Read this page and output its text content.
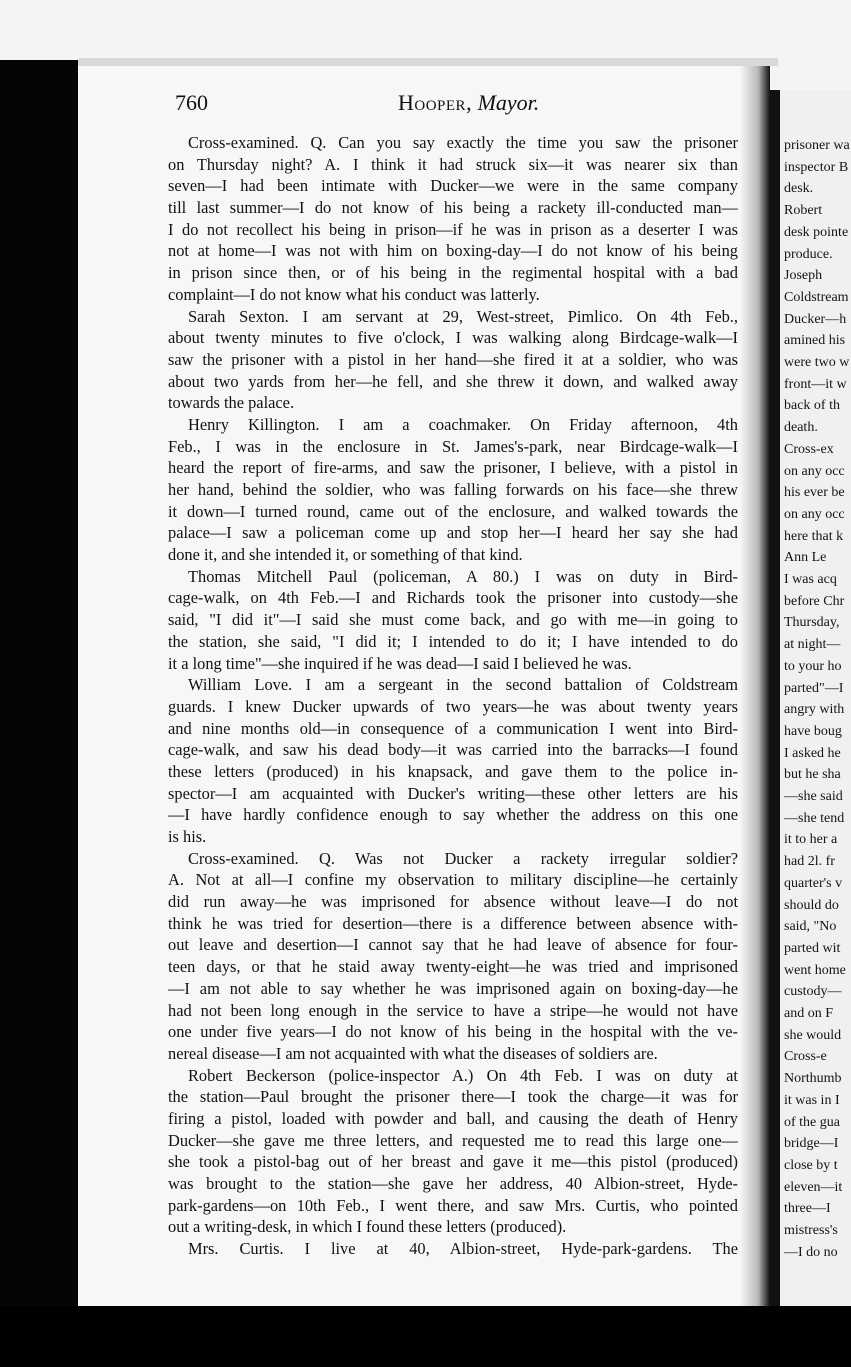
prisoner wa
inspector B
desk.
Robert
desk pointe
produce.
Joseph
Coldstream
Ducker—h
amined his
were two w
front—it w
back of th
death.
Cross-ex
on any occ
his ever be
on any occ
here that k
Ann Le
I was acq
before Chr
Thursday,
at night—
to your ho
parted"—I
angry with
have boug
I asked he
but he sha
—she said
—she tend
it to her a
had 2l. fr
quarter's v
should do
said, "No
parted wit
went home
custody—
and on F
she would
Cross-e
Northumb
it was in I
of the gua
bridge—I
close by t
eleven—it
three—I
mistress's
—I do no
760	Hooper, Mayor.
Cross-examined. Q. Can you say exactly the time you saw the prisoner
on Thursday night? A. I think it had struck six—it was nearer six than
seven—I had been intimate with Ducker—we were in the same company
till last summer—I do not know of his being a rackety ill-conducted man—
I do not recollect his being in prison—if he was in prison as a deserter I was
not at home—I was not with him on boxing-day—I do not know of his being
in prison since then, or of his being in the regimental hospital with a bad
complaint—I do not know what his conduct was latterly.
Sarah Sexton. I am servant at 29, West-street, Pimlico. On 4th Feb.,
about twenty minutes to five o'clock, I was walking along Birdcage-walk—I
saw the prisoner with a pistol in her hand—she fired it at a soldier, who was
about two yards from her—he fell, and she threw it down, and walked away
towards the palace.
Henry Killington. I am a coachmaker. On Friday afternoon, 4th
Feb., I was in the enclosure in St. James's-park, near Birdcage-walk—I
heard the report of fire-arms, and saw the prisoner, I believe, with a pistol in
her hand, behind the soldier, who was falling forwards on his face—she threw
it down—I turned round, came out of the enclosure, and walked towards the
palace—I saw a policeman come up and stop her—I heard her say she had
done it, and she intended it, or something of that kind.
Thomas Mitchell Paul (policeman, A 80.) I was on duty in Bird-
cage-walk, on 4th Feb.—I and Richards took the prisoner into custody—she
said, "I did it"—I said she must come back, and go with me—in going to
the station, she said, "I did it; I intended to do it; I have intended to do
it a long time"—she inquired if he was dead—I said I believed he was.
William Love. I am a sergeant in the second battalion of Coldstream
guards. I knew Ducker upwards of two years—he was about twenty years
and nine months old—in consequence of a communication I went into Bird-
cage-walk, and saw his dead body—it was carried into the barracks—I found
these letters (produced) in his knapsack, and gave them to the police in-
spector—I am acquainted with Ducker's writing—these other letters are his
—I have hardly confidence enough to say whether the address on this one
is his.
Cross-examined. Q. Was not Ducker a rackety irregular soldier?
A. Not at all—I confine my observation to military discipline—he certainly
did run away—he was imprisoned for absence without leave—I do not
think he was tried for desertion—there is a difference between absence with-
out leave and desertion—I cannot say that he had leave of absence for four-
teen days, or that he staid away twenty-eight—he was tried and imprisoned
—I am not able to say whether he was imprisoned again on boxing-day—he
had not been long enough in the service to have a stripe—he would not have
one under five years—I do not know of his being in the hospital with the ve-
nereal disease—I am not acquainted with what the diseases of soldiers are.
Robert Beckerson (police-inspector A.) On 4th Feb. I was on duty at
the station—Paul brought the prisoner there—I took the charge—it was for
firing a pistol, loaded with powder and ball, and causing the death of Henry
Ducker—she gave me three letters, and requested me to read this large one—
she took a pistol-bag out of her breast and gave it me—this pistol (produced)
was brought to the station—she gave her address, 40 Albion-street, Hyde-
park-gardens—on 10th Feb., I went there, and saw Mrs. Curtis, who pointed
out a writing-desk, in which I found these letters (produced).
Mrs. Curtis. I live at 40, Albion-street, Hyde-park-gardens. The
